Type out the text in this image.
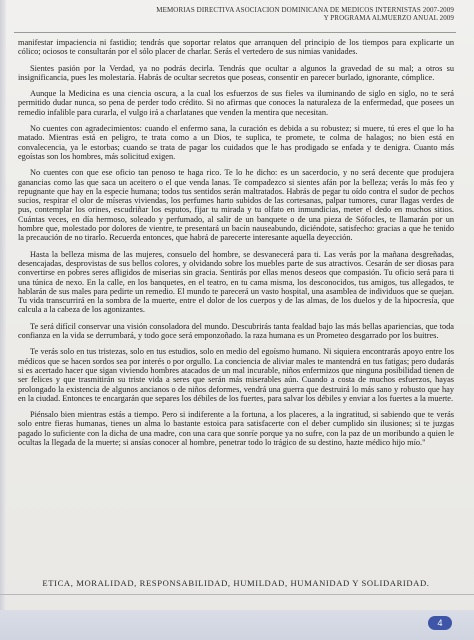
MEMORIAS DIRECTIVA ASOCIACION DOMINICANA DE MEDICOS INTERNISTAS 2007-2009
Y PROGRAMA ALMUERZO ANUAL 2009

manifestar impaciencia ni fastidio; tendrás que soportar relatos que arranquen del principio de los tiempos para explicarte un cólico; ociosos te consultarán por el sólo placer de charlar. Serás el vertedero de sus nimias vanidades.

Sientes pasión por la Verdad, ya no podrás decirla. Tendrás que ocultar a algunos la gravedad de su mal; a otros su insignificancia, pues les molestaría. Habrás de ocultar secretos que poseas, consentir en parecer burlado, ignorante, cómplice.

Aunque la Medicina es una ciencia oscura, a la cual los esfuerzos de sus fieles va iluminando de siglo en siglo, no te será permitido dudar nunca, so pena de perder todo crédito. Si no afirmas que conoces la naturaleza de la enfermedad, que posees un remedio infalible para curarla, el vulgo irá a charlatanes que venden la mentira que necesitan.

No cuentes con agradecimientos: cuando el enfermo sana, la curación es debida a su robustez; si muere, tú eres el que lo ha matado. Mientras está en peligro, te trata como a un Dios, te suplica, te promete, te colma de halagos; no bien está en convalecencia, ya le estorbas; cuando se trata de pagar los cuidados que le has prodigado se enfada y te denigra. Cuanto más egoístas son los hombres, más solicitud exigen.

No cuentes con que ese oficio tan penoso te haga rico. Te lo he dicho: es un sacerdocio, y no será decente que produjera ganancias como las que saca un aceitero o el que venda lanas. Te compadezco si sientes afán por la belleza; verás lo más feo y repugnante que hay en la especie humana; todos tus sentidos serán maltratados. Habrás de pegar tu oído contra el sudor de pechos sucios, respirar el olor de míseras viviendas, los perfumes harto subidos de las cortesanas, palpar tumores, curar llagas verdes de pus, contemplar los orines, escudriñar los esputos, fijar tu mirada y tu olfato en inmundicias, meter el dedo en muchos sitios. Cuántas veces, en día hermoso, soleado y perfumado, al salir de un banquete o de una pieza de Sófocles, te llamarán por un hombre que, molestado por dolores de vientre, te presentará un bacín nauseabundo, diciéndote, satisfecho: gracias a que he tenido la precaución de no tirarlo. Recuerda entonces, que habrá de parecerte interesante aquella deyección.

Hasta la belleza misma de las mujeres, consuelo del hombre, se desvanecerá para ti. Las verás por la mañana desgreñadas, desencajadas, desprovistas de sus bellos colores, y olvidando sobre los muebles parte de sus atractivos. Cesarán de ser diosas para convertirse en pobres seres afligidos de miserias sin gracia. Sentirás por ellas menos deseos que compasión. Tu oficio será para ti una túnica de nexo. En la calle, en los banquetes, en el teatro, en tu cama misma, los desconocidos, tus amigos, tus allegados, te hablarán de sus males para pedirte un remedio. El mundo te parecerá un vasto hospital, una asamblea de individuos que se quejan. Tu vida transcurrirá en la sombra de la muerte, entre el dolor de los cuerpos y de las almas, de los duelos y de la hipocresía, que calcula a la cabeza de los agonizantes.

Te será difícil conservar una visión consoladora del mundo. Descubrirás tanta fealdad bajo las más bellas apariencias, que toda confianza en la vida se derrumbará, y todo goce será emponzoñado. la raza humana es un Prometeo desgarrado por los buitres.

Te verás solo en tus tristezas, solo en tus estudios, solo en medio del egoísmo humano. Ni siquiera encontrarás apoyo entre los médicos que se hacen sordos sea por interés o por orgullo. La conciencia de aliviar males te mantendrá en tus fatigas; pero dudarás si es acertado hacer que sigan viviendo hombres atacados de un mal incurable, niños enfermizos que ninguna posibilidad tienen de ser felices y que trasmitirán su triste vida a seres que serán más miserables aún. Cuando a costa de muchos esfuerzos, hayas prolongado la existencia de algunos ancianos o de niños deformes, vendrá una guerra que destruirá lo más sano y robusto que hay en la ciudad. Entonces te encargarán que separes los débiles de los fuertes, para salvar los débiles y enviar a los fuertes a la muerte.

Piénsalo bien mientras estás a tiempo. Pero si indiferente a la fortuna, a los placeres, a la ingratitud, si sabiendo que te verás solo entre fieras humanas, tienes un alma lo bastante estoica para satisfacerte con el deber cumplido sin ilusiones; si te juzgas pagado lo suficiente con la dicha de una madre, con una cara que sonríe porque ya no sufre, con la paz de un moribundo a quien le ocultas la llegada de la muerte; si ansías conocer al hombre, penetrar todo lo trágico de su destino, hazte médico hijo mío."

ETICA, MORALIDAD, RESPONSABILIDAD, HUMILDAD, HUMANIDAD Y SOLIDARIDAD.
4
